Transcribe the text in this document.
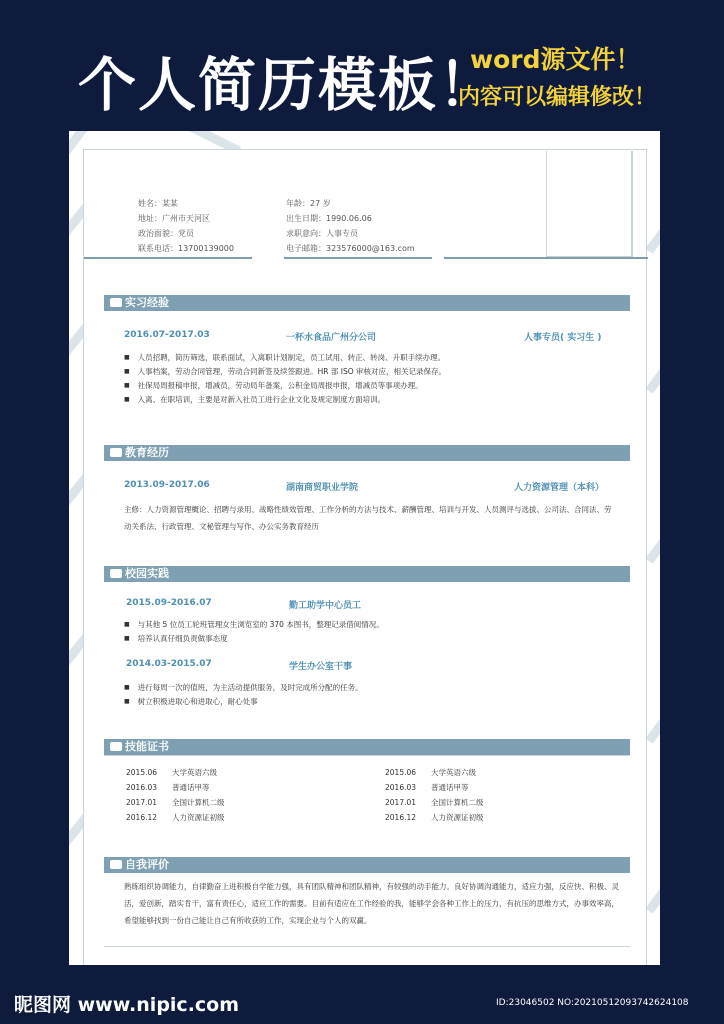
个人简历模板！
word源文件！
内容可以编辑修改！
姓名：某某
地址：广州市天河区
政治面貌：党员
联系电话：13700139000
年龄：27 岁
出生日期：1990.06.06
求职意向：人事专员
电子邮箱：323576000@163.com
实习经验
2016.07-2017.03	一杯水食品广州分公司	人事专员( 实习生 )
■ 人员招聘，简历筛选，联系面试，入离职计划制定，员工试用、转正、转岗、升职手续办理。
■ 人事档案，劳动合同管理，劳动合同新签及续签跟进。HR 部 ISO 审核对应，相关记录保存。
■ 社保局周报稿申报，增减员，劳动局年备案，公积金局周报申报，增减员等事项办理。
■ 入离、在职培训，主要是对新入社员工进行企业文化及规定制度方面培训。
教育经历
2013.09-2017.06	湖南商贸职业学院	人力资源管理（本科）
主修：人力资源管理概论、招聘与录用、战略性绩效管理、工作分析的方法与技术、薪酬管理、培训与开发、人员测评与选拔、公司法、合同法、劳动关系法、行政管理、文秘管理与写作、办公实务教育经历
校园实践
2015.09-2016.07	勤工助学中心员工
■ 与其他 5 位员工轮班管理女生浏览室的 370 本图书，整理记录借阅情况。
■ 培养认真仔细负责做事态度
2014.03-2015.07	学生办公室干事
■ 进行每周一次的值班，为主活动提供服务，及时完成所分配的任务。
■ 树立积极进取心和进取心，耐心处事
技能证书
2015.06 大学英语六级
2016.03 普通话甲等
2017.01 全国计算机二级
2016.12 人力资源证初级
2015.06 大学英语六级
2016.03 普通话甲等
2017.01 全国计算机二级
2016.12 人力资源证初级
自我评价
熟练组织协调能力，自律勤奋上进积极自学能力强，具有团队精神和团队精神，有较强的动手能力。良好协调沟通能力，适应力强，反应快、积极、灵活，爱创新，踏实肯干，富有责任心，适应工作的需要。目前有适应在工作经验的我，能够学会各种工作上的压力，有抗压的思维方式，办事效率高，希望能够找到一份自己能让自己有所收获的工作，实现企业与个人的双赢。
昵图网 www.nipic.com	ID:23046502 NO:20210512093742624108
